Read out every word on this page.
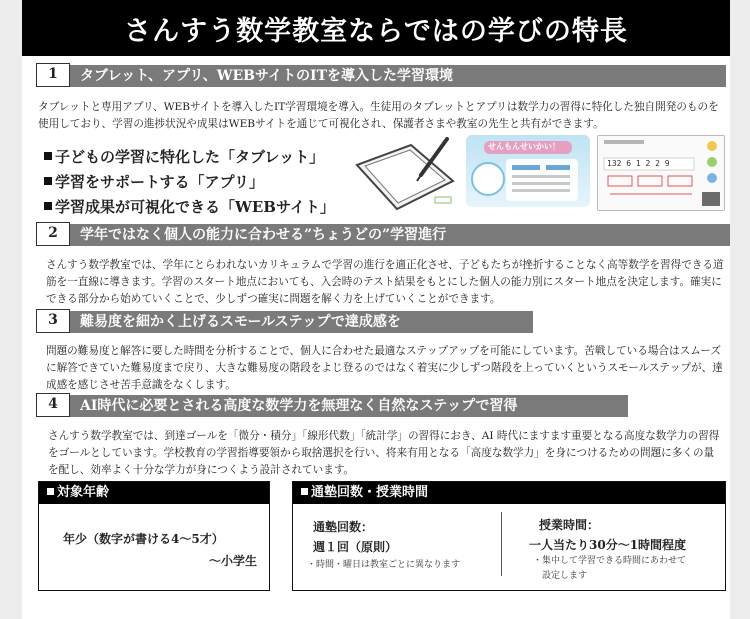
さんすう数学教室ならではの学びの特長
1	タブレット、アプリ、WEBサイトのITを導入した学習環境
タブレットと専用アプリ、WEBサイトを導入したIT学習環境を導入。生徒用のタブレットとアプリは数学力の習得に特化した独自開発のものを使用しており、学習の進捗状況や成果はWEBサイトを通じて可視化され、保護者さまや教室の先生と共有ができます。
子どもの学習に特化した「タブレット」
学習をサポートする「アプリ」
学習成果が可視化できる「WEBサイト」
せんもんせいかい！
132 6 1 2 2 9
2	学年ではなく個人の能力に合わせる”ちょうどの”学習進行
さんすう数学教室では、学年にとらわれないカリキュラムで学習の進行を適正化させ、子どもたちが挫折することなく高等数学を習得できる道筋を一直線に導きます。学習のスタート地点においても、入会時のテスト結果をもとにした個人の能力別にスタート地点を決定します。確実にできる部分から始めていくことで、少しずつ確実に問題を解く力を上げていくことができます。
3	難易度を細かく上げるスモールステップで達成感を
問題の難易度と解答に要した時間を分析することで、個人に合わせた最適なステップアップを可能にしています。苦戦している場合はスムーズに解答できていた難易度まで戻り、大きな難易度の階段をよじ登るのではなく着実に少しずつ階段を上っていくというスモールステップが、達成感を感じさせ苦手意識をなくします。
4	AI時代に必要とされる高度な数学力を無理なく自然なステップで習得
さんすう数学教室では、到達ゴールを「微分・積分」「線形代数」「統計学」の習得におき、AI 時代にますます重要となる高度な数学力の習得をゴールとしています。学校教育の学習指導要領から取捨選択を行い、将来有用となる「高度な数学力」を身につけるための問題に多くの量を配し、効率よく十分な学力が身につくよう設計されています。
対象年齢
年少（数字が書ける4～5才）
～小学生
通塾回数・授業時間
通塾回数：
週１回（原則）
・時間・曜日は教室ごとに異なります
授業時間：
一人当たり30分～1時間程度
・集中して学習できる時間にあわせて
設定します
